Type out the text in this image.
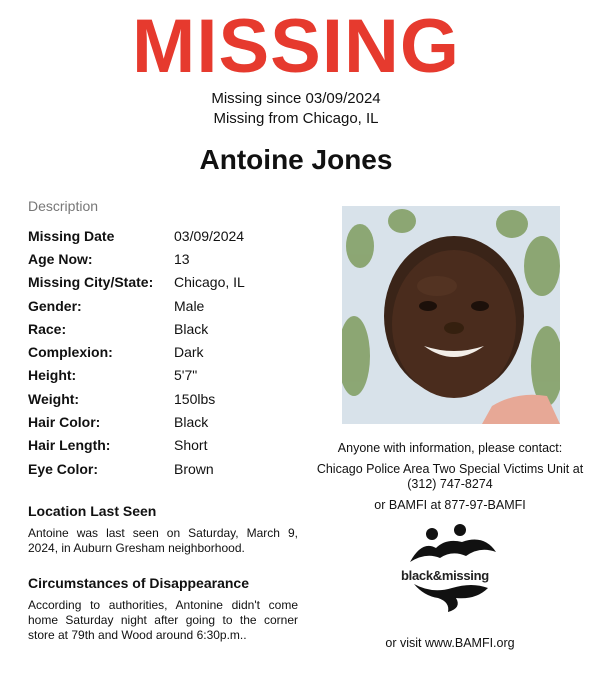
MISSING
Missing since 03/09/2024
Missing from Chicago, IL
Antoine Jones
Description
Missing Date	03/09/2024
Age Now:	13
Missing City/State:	Chicago, IL
Gender:	Male
Race:	Black
Complexion:	Dark
Height:	5'7"
Weight:	150lbs
Hair Color:	Black
Hair Length:	Short
Eye Color:	Brown
Anyone with information, please contact:
Chicago Police Area Two Special Victims Unit at (312) 747-8274
or BAMFI at 877-97-BAMFI
Location Last Seen
Antoine was last seen on Saturday, March 9, 2024, in Auburn Gresham neighborhood.
Circumstances of Disappearance
According to authorities, Antonine didn't come home Saturday night after going to the corner store at 79th and Wood around 6:30p.m..
black&missing
or visit www.BAMFI.org
